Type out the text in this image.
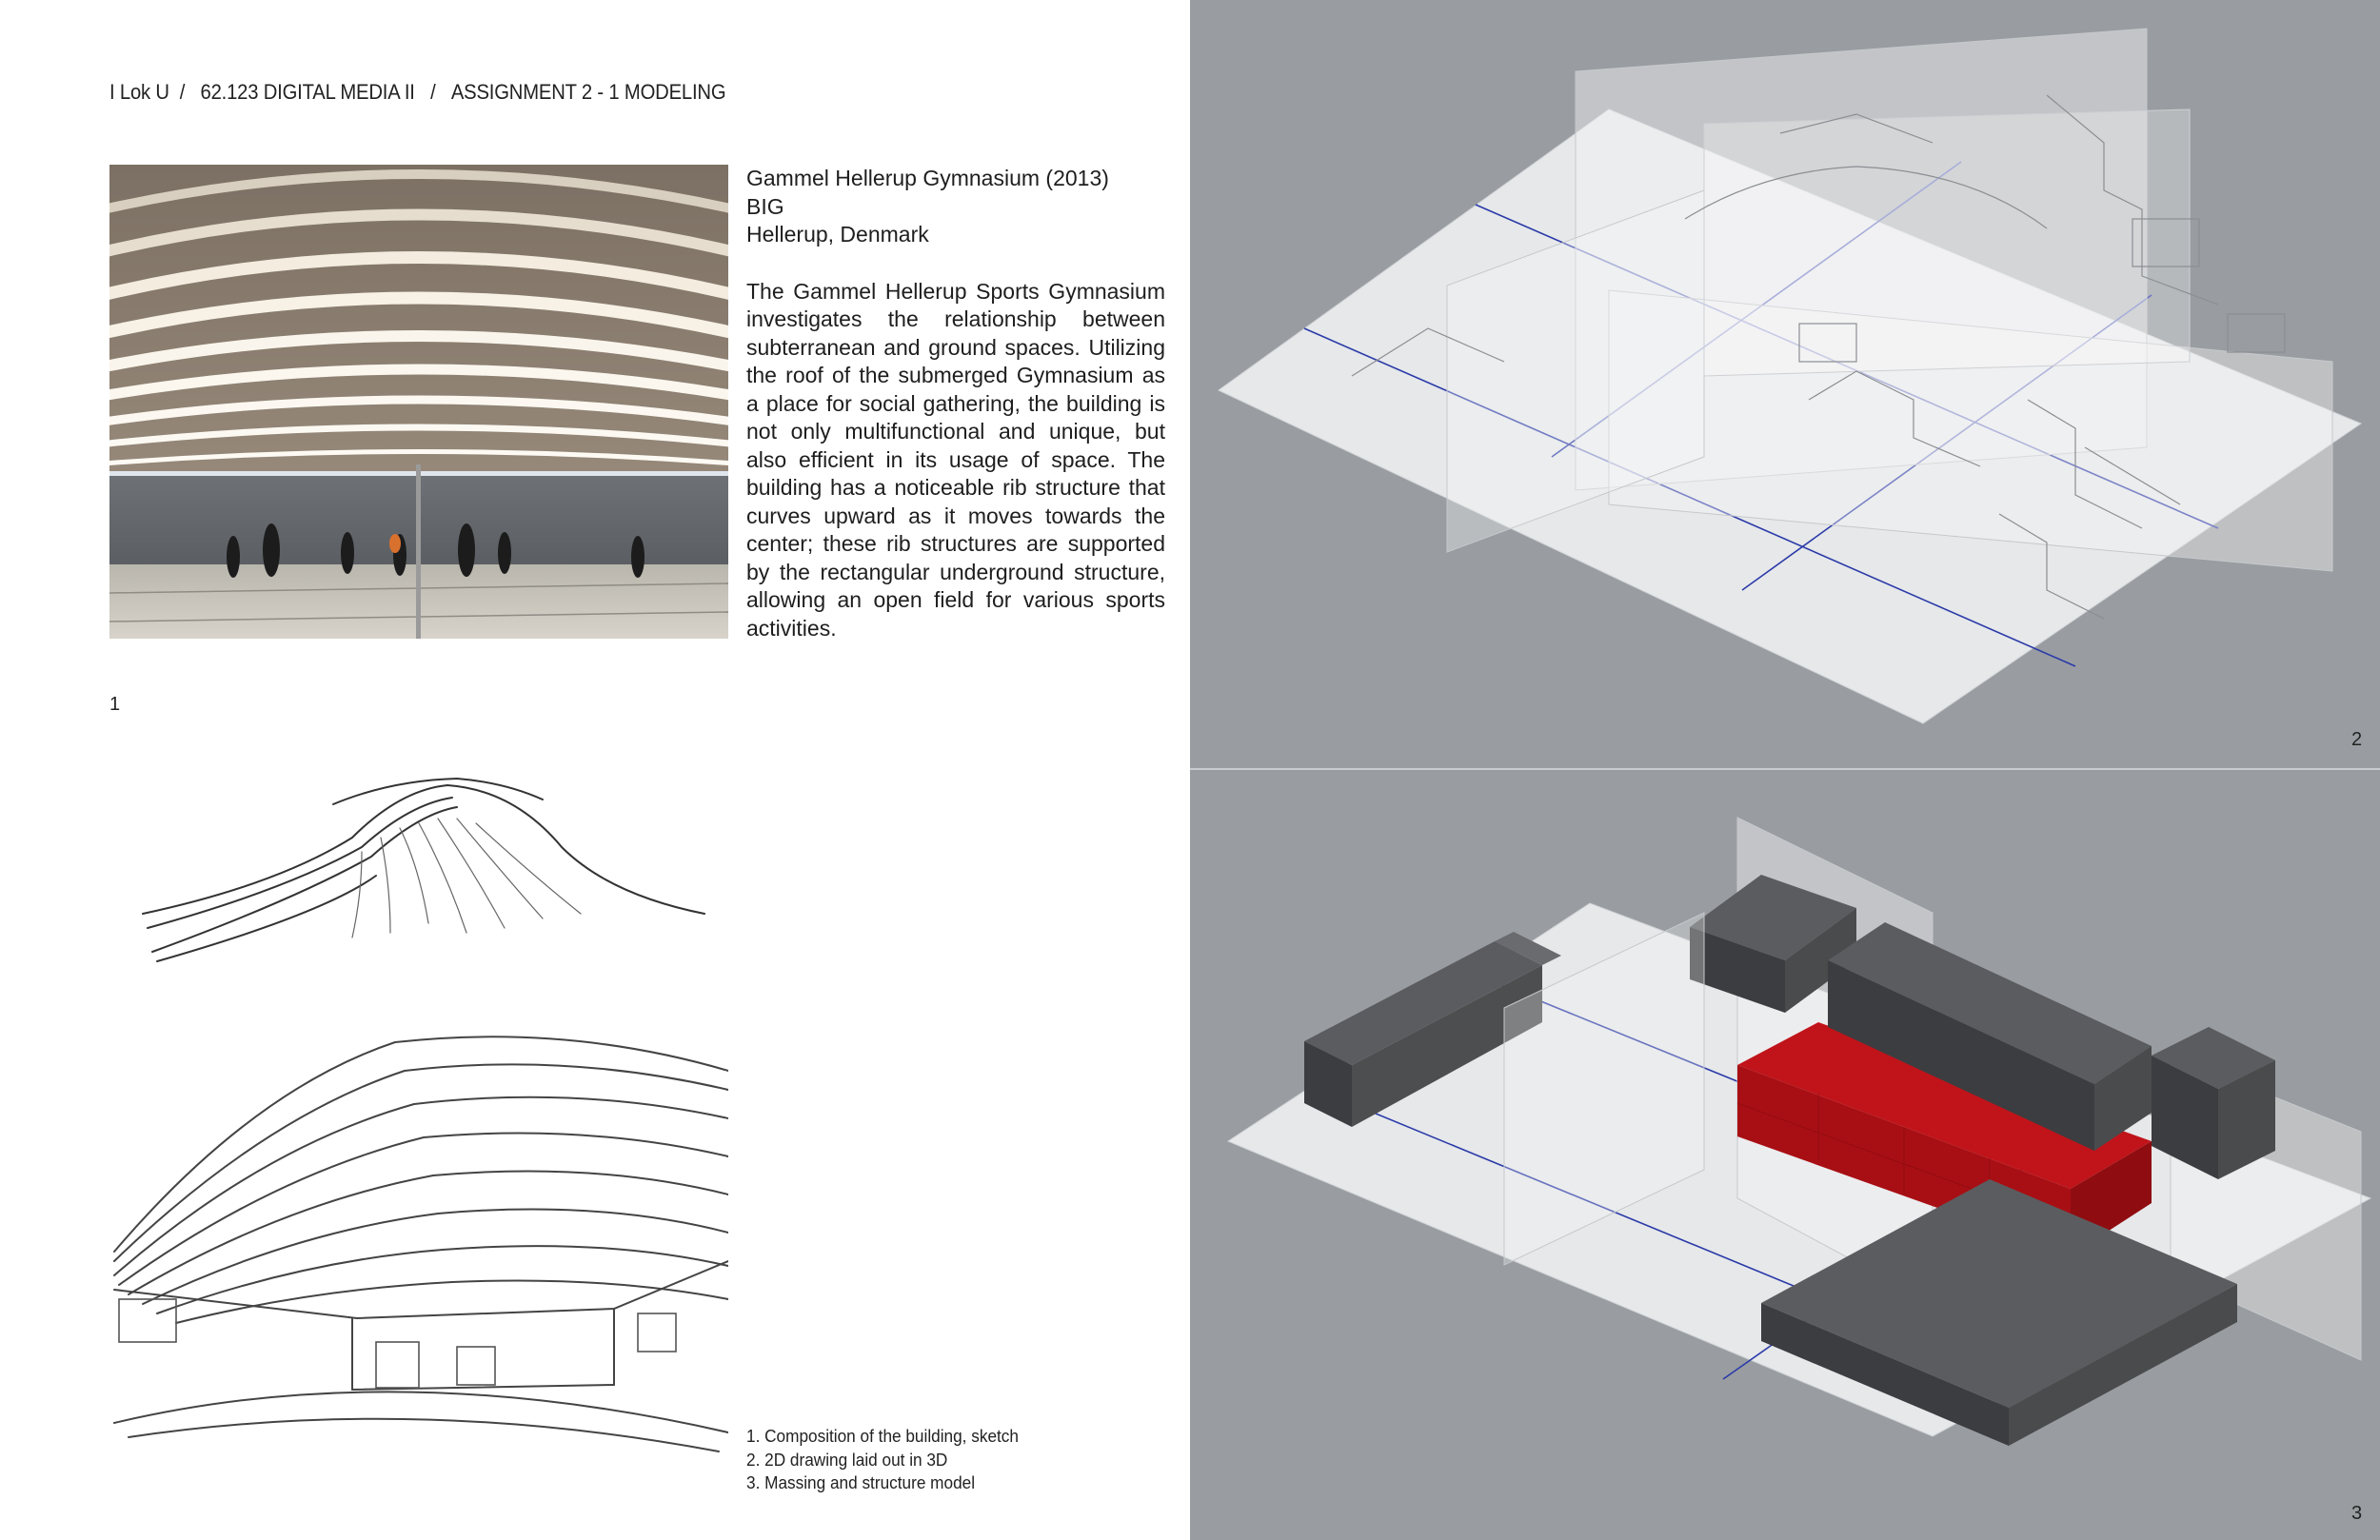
I Lok U / 62.123 DIGITAL MEDIA II / ASSIGNMENT 2 - 1 MODELING
Gammel Hellerup Gymnasium (2013)
BIG
Hellerup, Denmark

The Gammel Hellerup Sports Gymnasium investigates the relationship between subterranean and ground spaces. Utilizing the roof of the submerged Gymnasium as a place for social gathering, the building is not only multifunctional and unique, but also efficient in its usage of space. The building has a noticeable rib structure that curves upward as it moves towards the center; these rib structures are supported by the rectangular underground structure, allowing an open field for various sports activities.

1
1. Composition of the building, sketch
2. 2D drawing laid out in 3D
3. Massing and structure model
2
3
